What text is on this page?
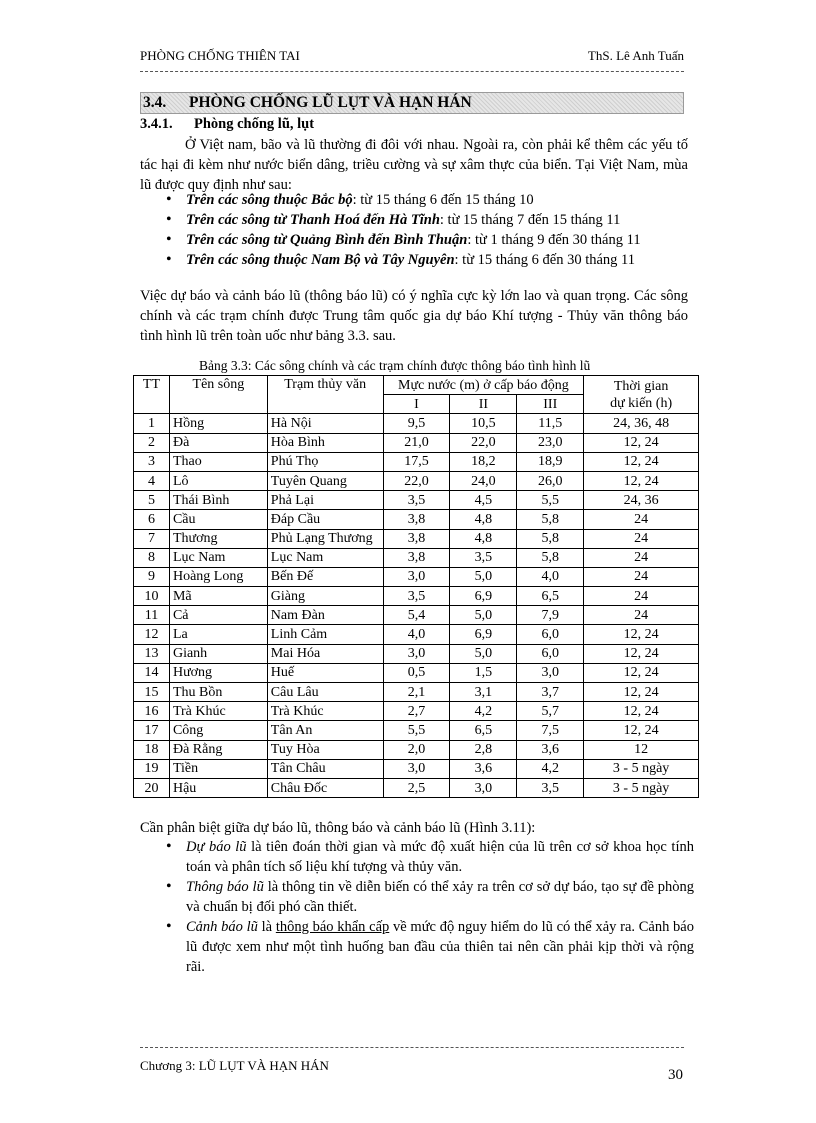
PHÒNG CHỐNG THIÊN TAI	ThS. Lê Anh Tuấn
3.4. PHÒNG CHỐNG LŨ LỤT VÀ HẠN HÁN
3.4.1. Phòng chống lũ, lụt
Ở Việt nam, bão và lũ thường đi đôi với nhau. Ngoài ra, còn phải kể thêm các yếu tố tác hại đi kèm như nước biển dâng, triều cường và sự xâm thực của biển. Tại Việt Nam, mùa lũ được quy định như sau:
• Trên các sông thuộc Bắc bộ: từ 15 tháng 6 đến 15 tháng 10
• Trên các sông từ Thanh Hoá đến Hà Tĩnh: từ 15 tháng 7 đến 15 tháng 11
• Trên các sông từ Quảng Bình đến Bình Thuận: từ 1 tháng 9 đến 30 tháng 11
• Trên các sông thuộc Nam Bộ và Tây Nguyên: từ 15 tháng 6 đến 30 tháng 11
Việc dự báo và cảnh báo lũ (thông báo lũ) có ý nghĩa cực kỳ lớn lao và quan trọng. Các sông chính và các trạm chính được Trung tâm quốc gia dự báo Khí tượng - Thủy văn thông báo tình hình lũ trên toàn uốc như bảng 3.3. sau.
Bảng 3.3: Các sông chính và các trạm chính được thông báo tình hình lũ
TT	Tên sông	Trạm thủy văn	Mực nước (m) ở cấp báo động			Thời gian
dự kiến (h)

			I	II	III	
1	Hồng	Hà Nội	9,5	10,5	11,5	24, 36, 48
2	Đà	Hòa Bình	21,0	22,0	23,0	12, 24
3	Thao	Phú Thọ	17,5	18,2	18,9	12, 24
4	Lô	Tuyên Quang	22,0	24,0	26,0	12, 24
5	Thái Bình	Phả Lại	3,5	4,5	5,5	24, 36
6	Cầu	Đáp Cầu	3,8	4,8	5,8	24
7	Thương	Phủ Lạng Thương	3,8	4,8	5,8	24
8	Lục Nam	Lục Nam	3,8	3,5	5,8	24
9	Hoàng Long	Bến Đế	3,0	5,0	4,0	24
10	Mã	Giàng	3,5	6,9	6,5	24
11	Cả	Nam Đàn	5,4	5,0	7,9	24
12	La	Linh Cảm	4,0	6,9	6,0	12, 24
13	Gianh	Mai Hóa	3,0	5,0	6,0	12, 24
14	Hương	Huế	0,5	1,5	3,0	12, 24
15	Thu Bồn	Câu Lâu	2,1	3,1	3,7	12, 24
16	Trà Khúc	Trà Khúc	2,7	4,2	5,7	12, 24
17	Công	Tân An	5,5	6,5	7,5	12, 24
18	Đà Rằng	Tuy Hòa	2,0	2,8	3,6	12
19	Tiền	Tân Châu	3,0	3,6	4,2	3 - 5 ngày
20	Hậu	Châu Đốc	2,5	3,0	3,5	3 - 5 ngày
Cần phân biệt giữa dự báo lũ, thông báo và cảnh báo lũ (Hình 3.11):
• Dự báo lũ là tiên đoán thời gian và mức độ xuất hiện của lũ trên cơ sở khoa học tính toán và phân tích số liệu khí tượng và thủy văn.
• Thông báo lũ là thông tin về diễn biến có thể xảy ra trên cơ sở dự báo, tạo sự đề phòng và chuẩn bị đối phó cần thiết.
• Cảnh báo lũ là thông báo khẩn cấp về mức độ nguy hiểm do lũ có thể xảy ra. Cảnh báo lũ được xem như một tình huống ban đầu của thiên tai nên cần phải kịp thời và rộng rãi.
Chương 3: LŨ LỤT VÀ HẠN HÁN
30
